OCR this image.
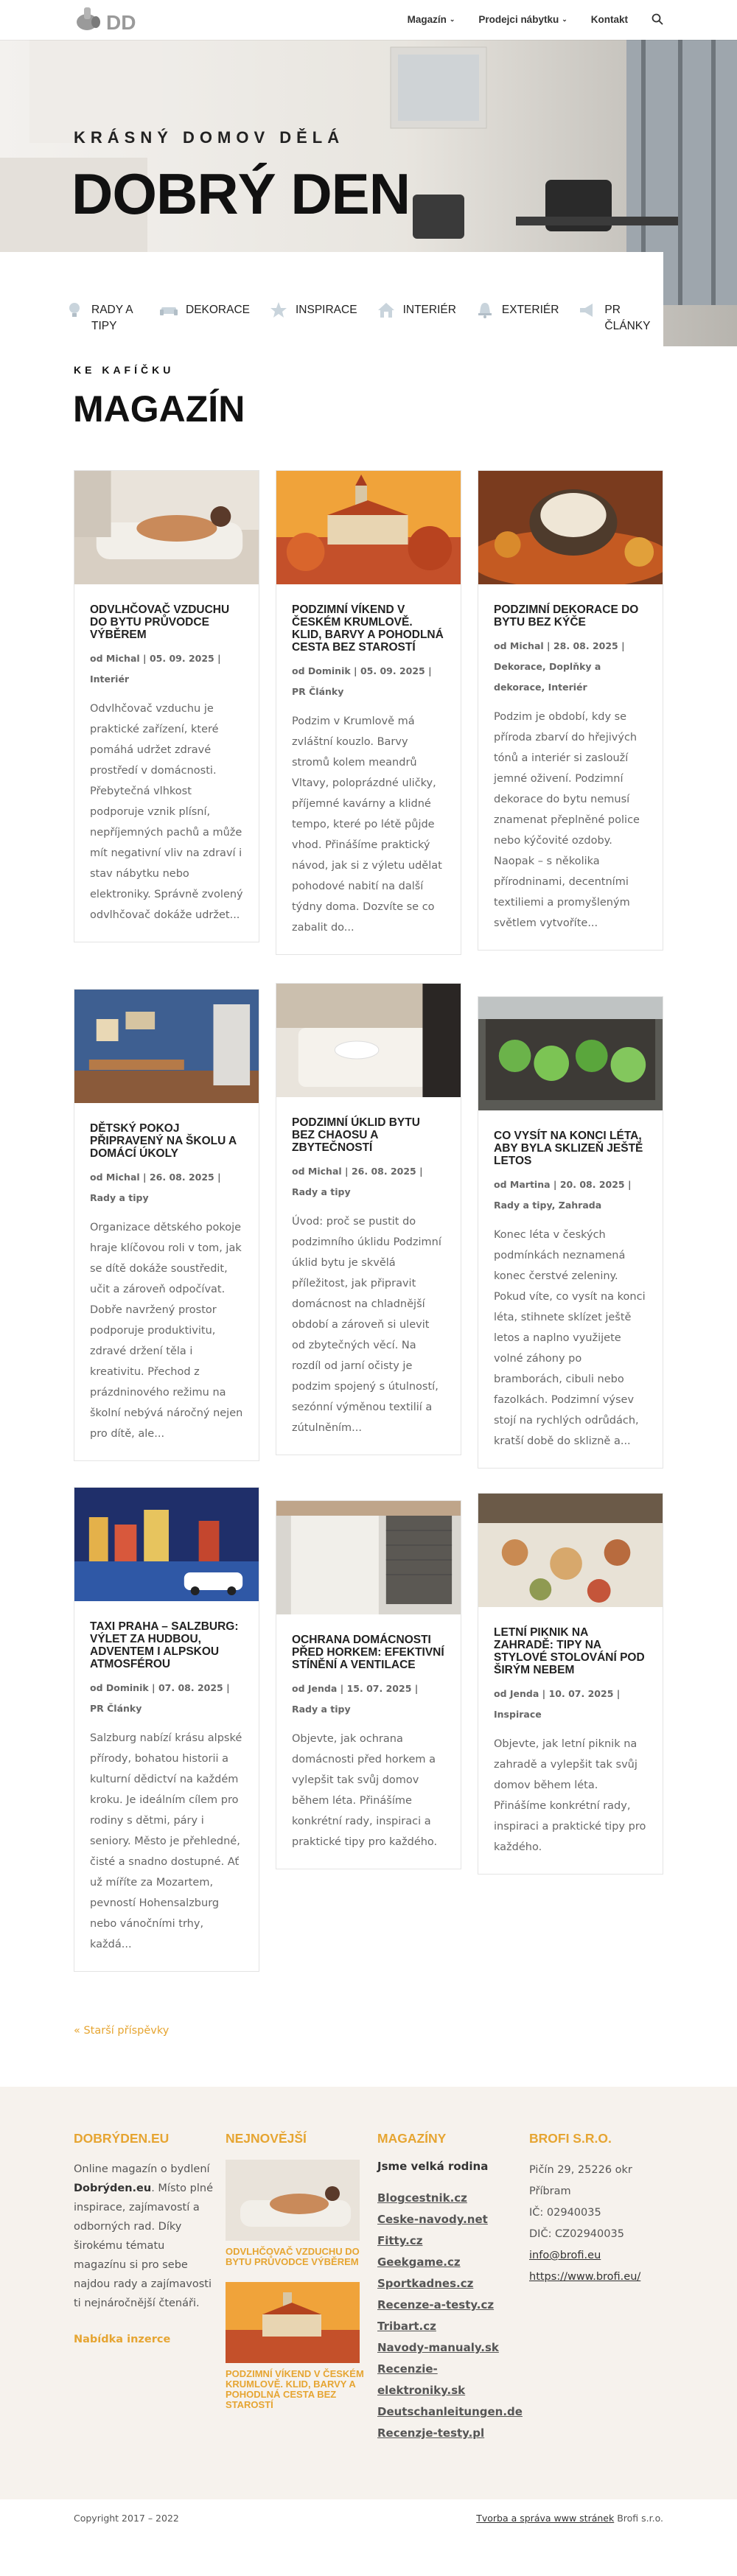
DD	Magazín ⌄ Prodejci nábytku ⌄ Kontakt
KRÁSNÝ DOMOV DĚLÁ
DOBRÝ DEN
RADY A TIPY
DEKORACE	INSPIRACE	INTERIÉR	EXTERIÉR	PR ČLÁNKY
KE KAFÍČKU
MAGAZÍN
ODVLHČOVAČ VZDUCHU DO BYTU PRŮVODCE VÝBĚREM
od Michal | 05. 09. 2025 | Interiér
Odvlhčovač vzduchu je praktické zařízení, které pomáhá udržet zdravé prostředí v domácnosti. Přebytečná vlhkost podporuje vznik plísní, nepříjemných pachů a může mít negativní vliv na zdraví i stav nábytku nebo elektroniky. Správně zvolený odvlhčovač dokáže udržet...
PODZIMNÍ VÍKEND V ČESKÉM KRUMLOVĚ. KLID, BARVY A POHODLNÁ CESTA BEZ STAROSTÍ
od Dominik | 05. 09. 2025 | PR Články
Podzim v Krumlově má zvláštní kouzlo. Barvy stromů kolem meandrů Vltavy, poloprázdné uličky, příjemné kavárny a klidné tempo, které po létě půjde vhod. Přinášíme praktický návod, jak si z výletu udělat pohodové nabití na další týdny doma. Dozvíte se co zabalit do...
PODZIMNÍ DEKORACE DO BYTU BEZ KÝČE
od Michal | 28. 08. 2025 | Dekorace, Doplňky a dekorace, Interiér
Podzim je období, kdy se příroda zbarví do hřejivých tónů a interiér si zaslouží jemné oživení. Podzimní dekorace do bytu nemusí znamenat přeplněné police nebo kýčovité ozdoby. Naopak – s několika přírodninami, decentními textiliemi a promyšleným světlem vytvoříte...
DĚTSKÝ POKOJ PŘIPRAVENÝ NA ŠKOLU A DOMÁCÍ ÚKOLY
od Michal | 26. 08. 2025 | Rady a tipy
Organizace dětského pokoje hraje klíčovou roli v tom, jak se dítě dokáže soustředit, učit a zároveň odpočívat. Dobře navržený prostor podporuje produktivitu, zdravé držení těla i kreativitu. Přechod z prázdninového režimu na školní nebývá náročný nejen pro dítě, ale...
PODZIMNÍ ÚKLID BYTU BEZ CHAOSU A ZBYTEČNOSTÍ
od Michal | 26. 08. 2025 | Rady a tipy
Úvod: proč se pustit do podzimního úklidu Podzimní úklid bytu je skvělá příležitost, jak připravit domácnost na chladnější období a zároveň si ulevit od zbytečných věcí. Na rozdíl od jarní očisty je podzim spojený s útulností, sezónní výměnou textilií a zútulněním...
CO VYSÍT NA KONCI LÉTA, ABY BYLA SKLIZEŇ JEŠTĚ LETOS
od Martina | 20. 08. 2025 | Rady a tipy, Zahrada
Konec léta v českých podmínkách neznamená konec čerstvé zeleniny. Pokud víte, co vysít na konci léta, stihnete sklízet ještě letos a naplno využijete volné záhony po bramborách, cibuli nebo fazolkách. Podzimní výsev stojí na rychlých odrůdách, kratší době do sklizně a...
TAXI PRAHA – SALZBURG: VÝLET ZA HUDBOU, ADVENTEM I ALPSKOU ATMOSFÉROU
od Dominik | 07. 08. 2025 | PR Články
Salzburg nabízí krásu alpské přírody, bohatou historii a kulturní dědictví na každém kroku. Je ideálním cílem pro rodiny s dětmi, páry i seniory. Město je přehledné, čisté a snadno dostupné. Ať už míříte za Mozartem, pevností Hohensalzburg nebo vánočními trhy, každá...
OCHRANA DOMÁCNOSTI PŘED HORKEM: EFEKTIVNÍ STÍNĚNÍ A VENTILACE
od Jenda | 15. 07. 2025 | Rady a tipy
Objevte, jak ochrana domácnosti před horkem a vylepšit tak svůj domov během léta. Přinášíme konkrétní rady, inspiraci a praktické tipy pro každého.
LETNÍ PIKNIK NA ZAHRADĚ: TIPY NA STYLOVÉ STOLOVÁNÍ POD ŠIRÝM NEBEM
od Jenda | 10. 07. 2025 | Inspirace
Objevte, jak letní piknik na zahradě a vylepšit tak svůj domov během léta. Přinášíme konkrétní rady, inspiraci a praktické tipy pro každého.
« Starší příspěvky
DOBRÝDEN.EU
Online magazín o bydlení Dobrýden.eu. Místo plné inspirace, zajímavostí a odborných rad. Díky širokému tématu magazínu si pro sebe najdou rady a zajímavosti ti nejnáročnější čtenáři.
Nabídka inzerce
NEJNOVĚJŠÍ
ODVLHČOVAČ VZDUCHU DO BYTU PRŮVODCE VÝBĚREM
PODZIMNÍ VÍKEND V ČESKÉM KRUMLOVĚ. KLID, BARVY A POHODLNÁ CESTA BEZ STAROSTÍ
MAGAZÍNY
Jsme velká rodina
Blogcestnik.cz
Ceske-navody.net
Fitty.cz
Geekgame.cz
Sportkadnes.cz
Recenze-a-testy.cz
Tribart.cz
Navody-manualy.sk
Recenzie-elektroniky.sk
Deutschanleitungen.de
Recenzje-testy.pl
BROFI S.R.O.
Pičín 29, 25226 okr Příbram
IČ: 02940035
DIČ: CZ02940035
info@brofi.eu
https://www.brofi.eu/
Copyright 2017 – 2022	Tvorba a správa www stránek Brofi s.r.o.
